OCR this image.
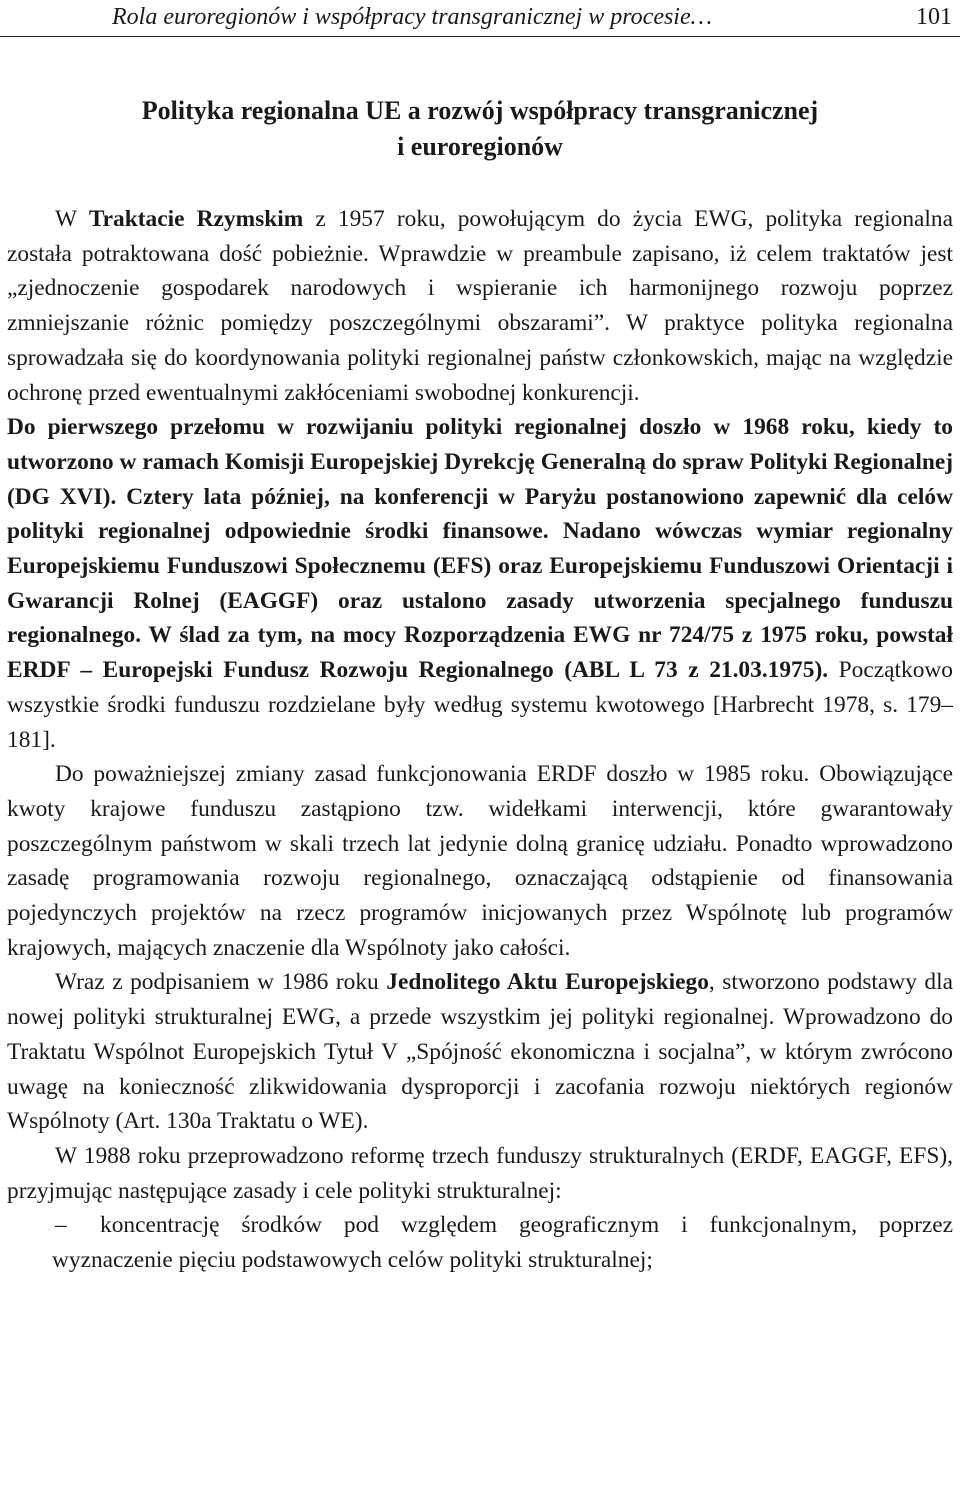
Rola euroregionów i współpracy transgranicznej w procesie…	101
Polityka regionalna UE a rozwój współpracy transgranicznej
i euroregionów

W Traktacie Rzymskim z 1957 roku, powołującym do życia EWG, polityka regionalna została potraktowana dość pobieżnie. Wprawdzie w preambule zapisano, iż celem traktatów jest „zjednoczenie gospodarek narodowych i wspieranie ich harmonijnego rozwoju poprzez zmniejszanie różnic pomiędzy poszczególnymi obszarami”. W praktyce polityka regionalna sprowadzała się do koordynowania polityki regionalnej państw członkowskich, mając na względzie ochronę przed ewentualnymi zakłóceniami swobodnej konkurencji.

Do pierwszego przełomu w rozwijaniu polityki regionalnej doszło w 1968 roku, kiedy to utworzono w ramach Komisji Europejskiej Dyrekcję Generalną do spraw Polityki Regionalnej (DG XVI). Cztery lata później, na konferencji w Paryżu postanowiono zapewnić dla celów polityki regionalnej odpowiednie środki finansowe. Nadano wówczas wymiar regionalny Europejskiemu Funduszowi Społecznemu (EFS) oraz Europejskiemu Funduszowi Orientacji i Gwarancji Rolnej (EAGGF) oraz ustalono zasady utworzenia specjalnego funduszu regionalnego. W ślad za tym, na mocy Rozporządzenia EWG nr 724/75 z 1975 roku, powstał ERDF – Europejski Fundusz Rozwoju Regionalnego (ABL L 73 z 21.03.1975). Początkowo wszystkie środki funduszu rozdzielane były według systemu kwotowego [Harbrecht 1978, s. 179–181].

Do poważniejszej zmiany zasad funkcjonowania ERDF doszło w 1985 roku. Obowiązujące kwoty krajowe funduszu zastąpiono tzw. widełkami interwencji, które gwarantowały poszczególnym państwom w skali trzech lat jedynie dolną granicę udziału. Ponadto wprowadzono zasadę programowania rozwoju regionalnego, oznaczającą odstąpienie od finansowania pojedynczych projektów na rzecz programów inicjowanych przez Wspólnotę lub programów krajowych, mających znaczenie dla Wspólnoty jako całości.

Wraz z podpisaniem w 1986 roku Jednolitego Aktu Europejskiego, stworzono podstawy dla nowej polityki strukturalnej EWG, a przede wszystkim jej polityki regionalnej. Wprowadzono do Traktatu Wspólnot Europejskich Tytuł V „Spójność ekonomiczna i socjalna”, w którym zwrócono uwagę na konieczność zlikwidowania dysproporcji i zacofania rozwoju niektórych regionów Wspólnoty (Art. 130a Traktatu o WE).

W 1988 roku przeprowadzono reformę trzech funduszy strukturalnych (ERDF, EAGGF, EFS), przyjmując następujące zasady i cele polityki strukturalnej:

– koncentrację środków pod względem geograficznym i funkcjonalnym, poprzez wyznaczenie pięciu podstawowych celów polityki strukturalnej;
